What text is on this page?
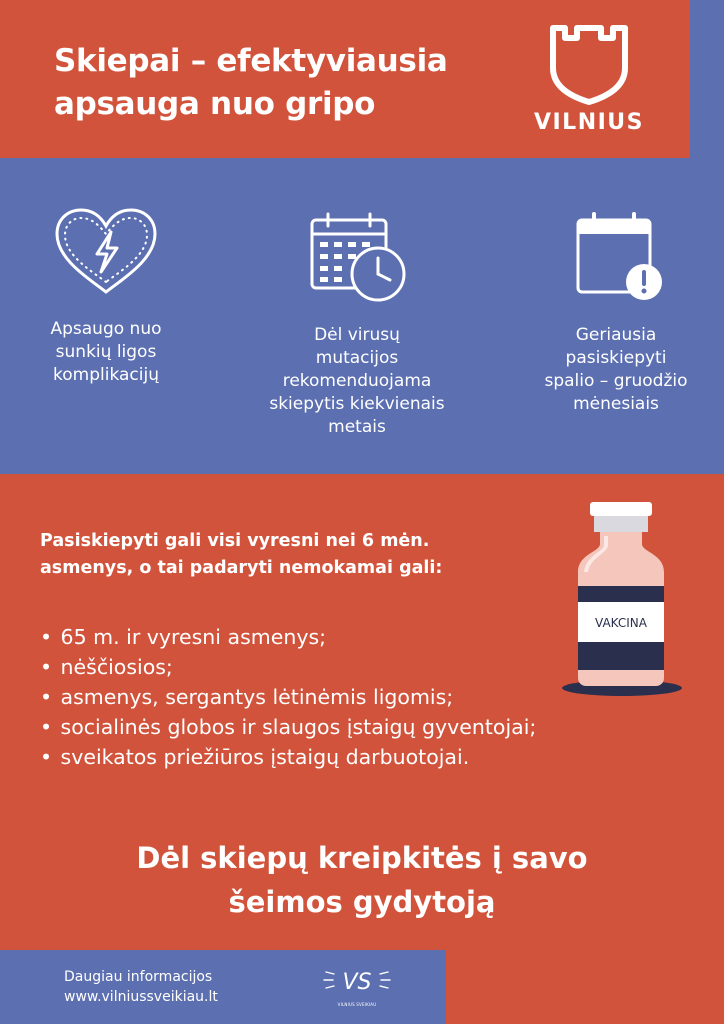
Skiepai – efektyviausia
apsauga nuo gripo
VILNIUS
Apsaugo nuo
sunkių ligos
komplikacijų
Dėl virusų
mutacijos
rekomenduojama
skiepytis kiekvienais
metais
Geriausia
pasiskiepyti
spalio – gruodžio
mėnesiais
Pasiskiepyti gali visi vyresni nei 6 mėn.
asmenys, o tai padaryti nemokamai gali:
• 65 m. ir vyresni asmenys;
• nėščiosios;
• asmenys, sergantys lėtinėmis ligomis;
• socialinės globos ir slaugos įstaigų gyventojai;
• sveikatos priežiūros įstaigų darbuotojai.
VAKCINA
Dėl skiepų kreipkitės į savo
šeimos gydytoją
Daugiau informacijos
www.vilniussveikiau.lt
VS
VILNIUS SVEIKIAU
